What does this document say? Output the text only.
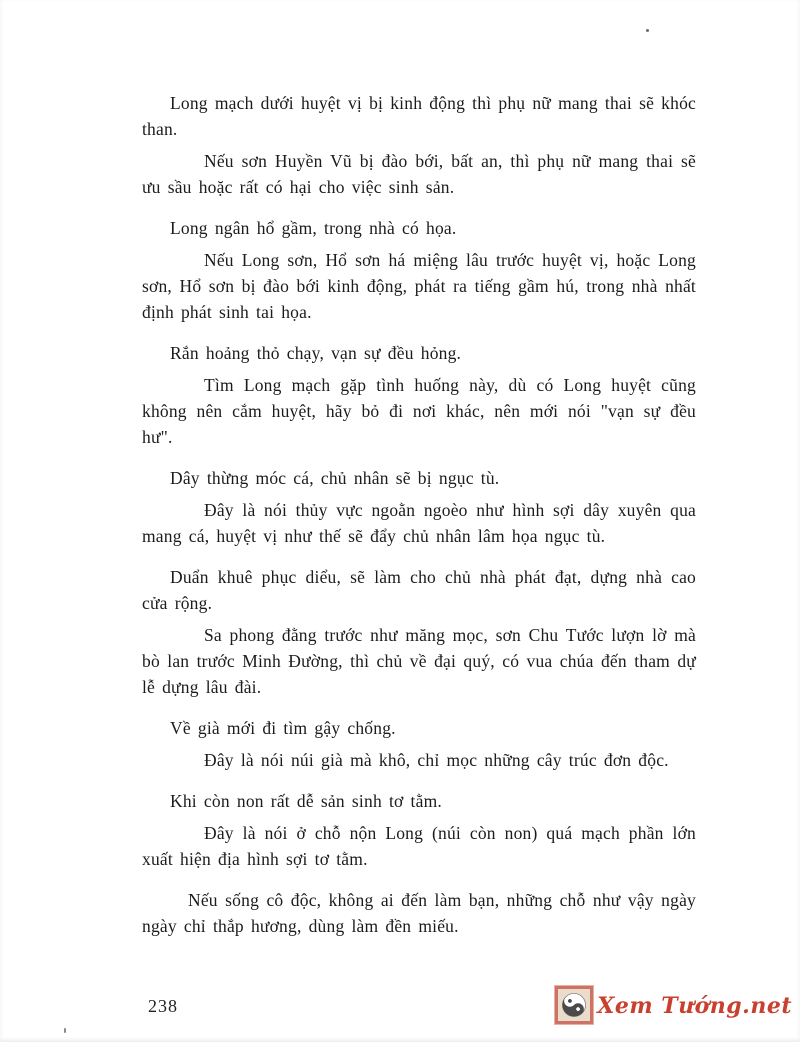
Long mạch dưới huyệt vị bị kinh động thì phụ nữ mang thai sẽ khóc than.

Nếu sơn Huyền Vũ bị đào bới, bất an, thì phụ nữ mang thai sẽ ưu sầu hoặc rất có hại cho việc sinh sản.

Long ngân hổ gầm, trong nhà có họa.

Nếu Long sơn, Hổ sơn há miệng lâu trước huyệt vị, hoặc Long sơn, Hổ sơn bị đào bới kinh động, phát ra tiếng gầm hú, trong nhà nhất định phát sinh tai họa.

Rắn hoảng thỏ chạy, vạn sự đều hỏng.

Tìm Long mạch gặp tình huống này, dù có Long huyệt cũng không nên cắm huyệt, hãy bỏ đi nơi khác, nên mới nói "vạn sự đều hư".

Dây thừng móc cá, chủ nhân sẽ bị ngục tù.

Đây là nói thủy vực ngoằn ngoèo như hình sợi dây xuyên qua mang cá, huyệt vị như thế sẽ đẩy chủ nhân lâm họa ngục tù.

Duẩn khuê phục diểu, sẽ làm cho chủ nhà phát đạt, dựng nhà cao cửa rộng.

Sa phong đằng trước như măng mọc, sơn Chu Tước lượn lờ mà bò lan trước Minh Đường, thì chủ về đại quý, có vua chúa đến tham dự lễ dựng lâu đài.

Về già mới đi tìm gậy chống.

Đây là nói núi già mà khô, chỉ mọc những cây trúc đơn độc.

Khi còn non rất dễ sản sinh tơ tằm.

Đây là nói ở chỗ nộn Long (núi còn non) quá mạch phần lớn xuất hiện địa hình sợi tơ tằm.

Nếu sống cô độc, không ai đến làm bạn, những chỗ như vậy ngày ngày chỉ thắp hương, dùng làm đền miếu.

238	Xem Tướng.net
